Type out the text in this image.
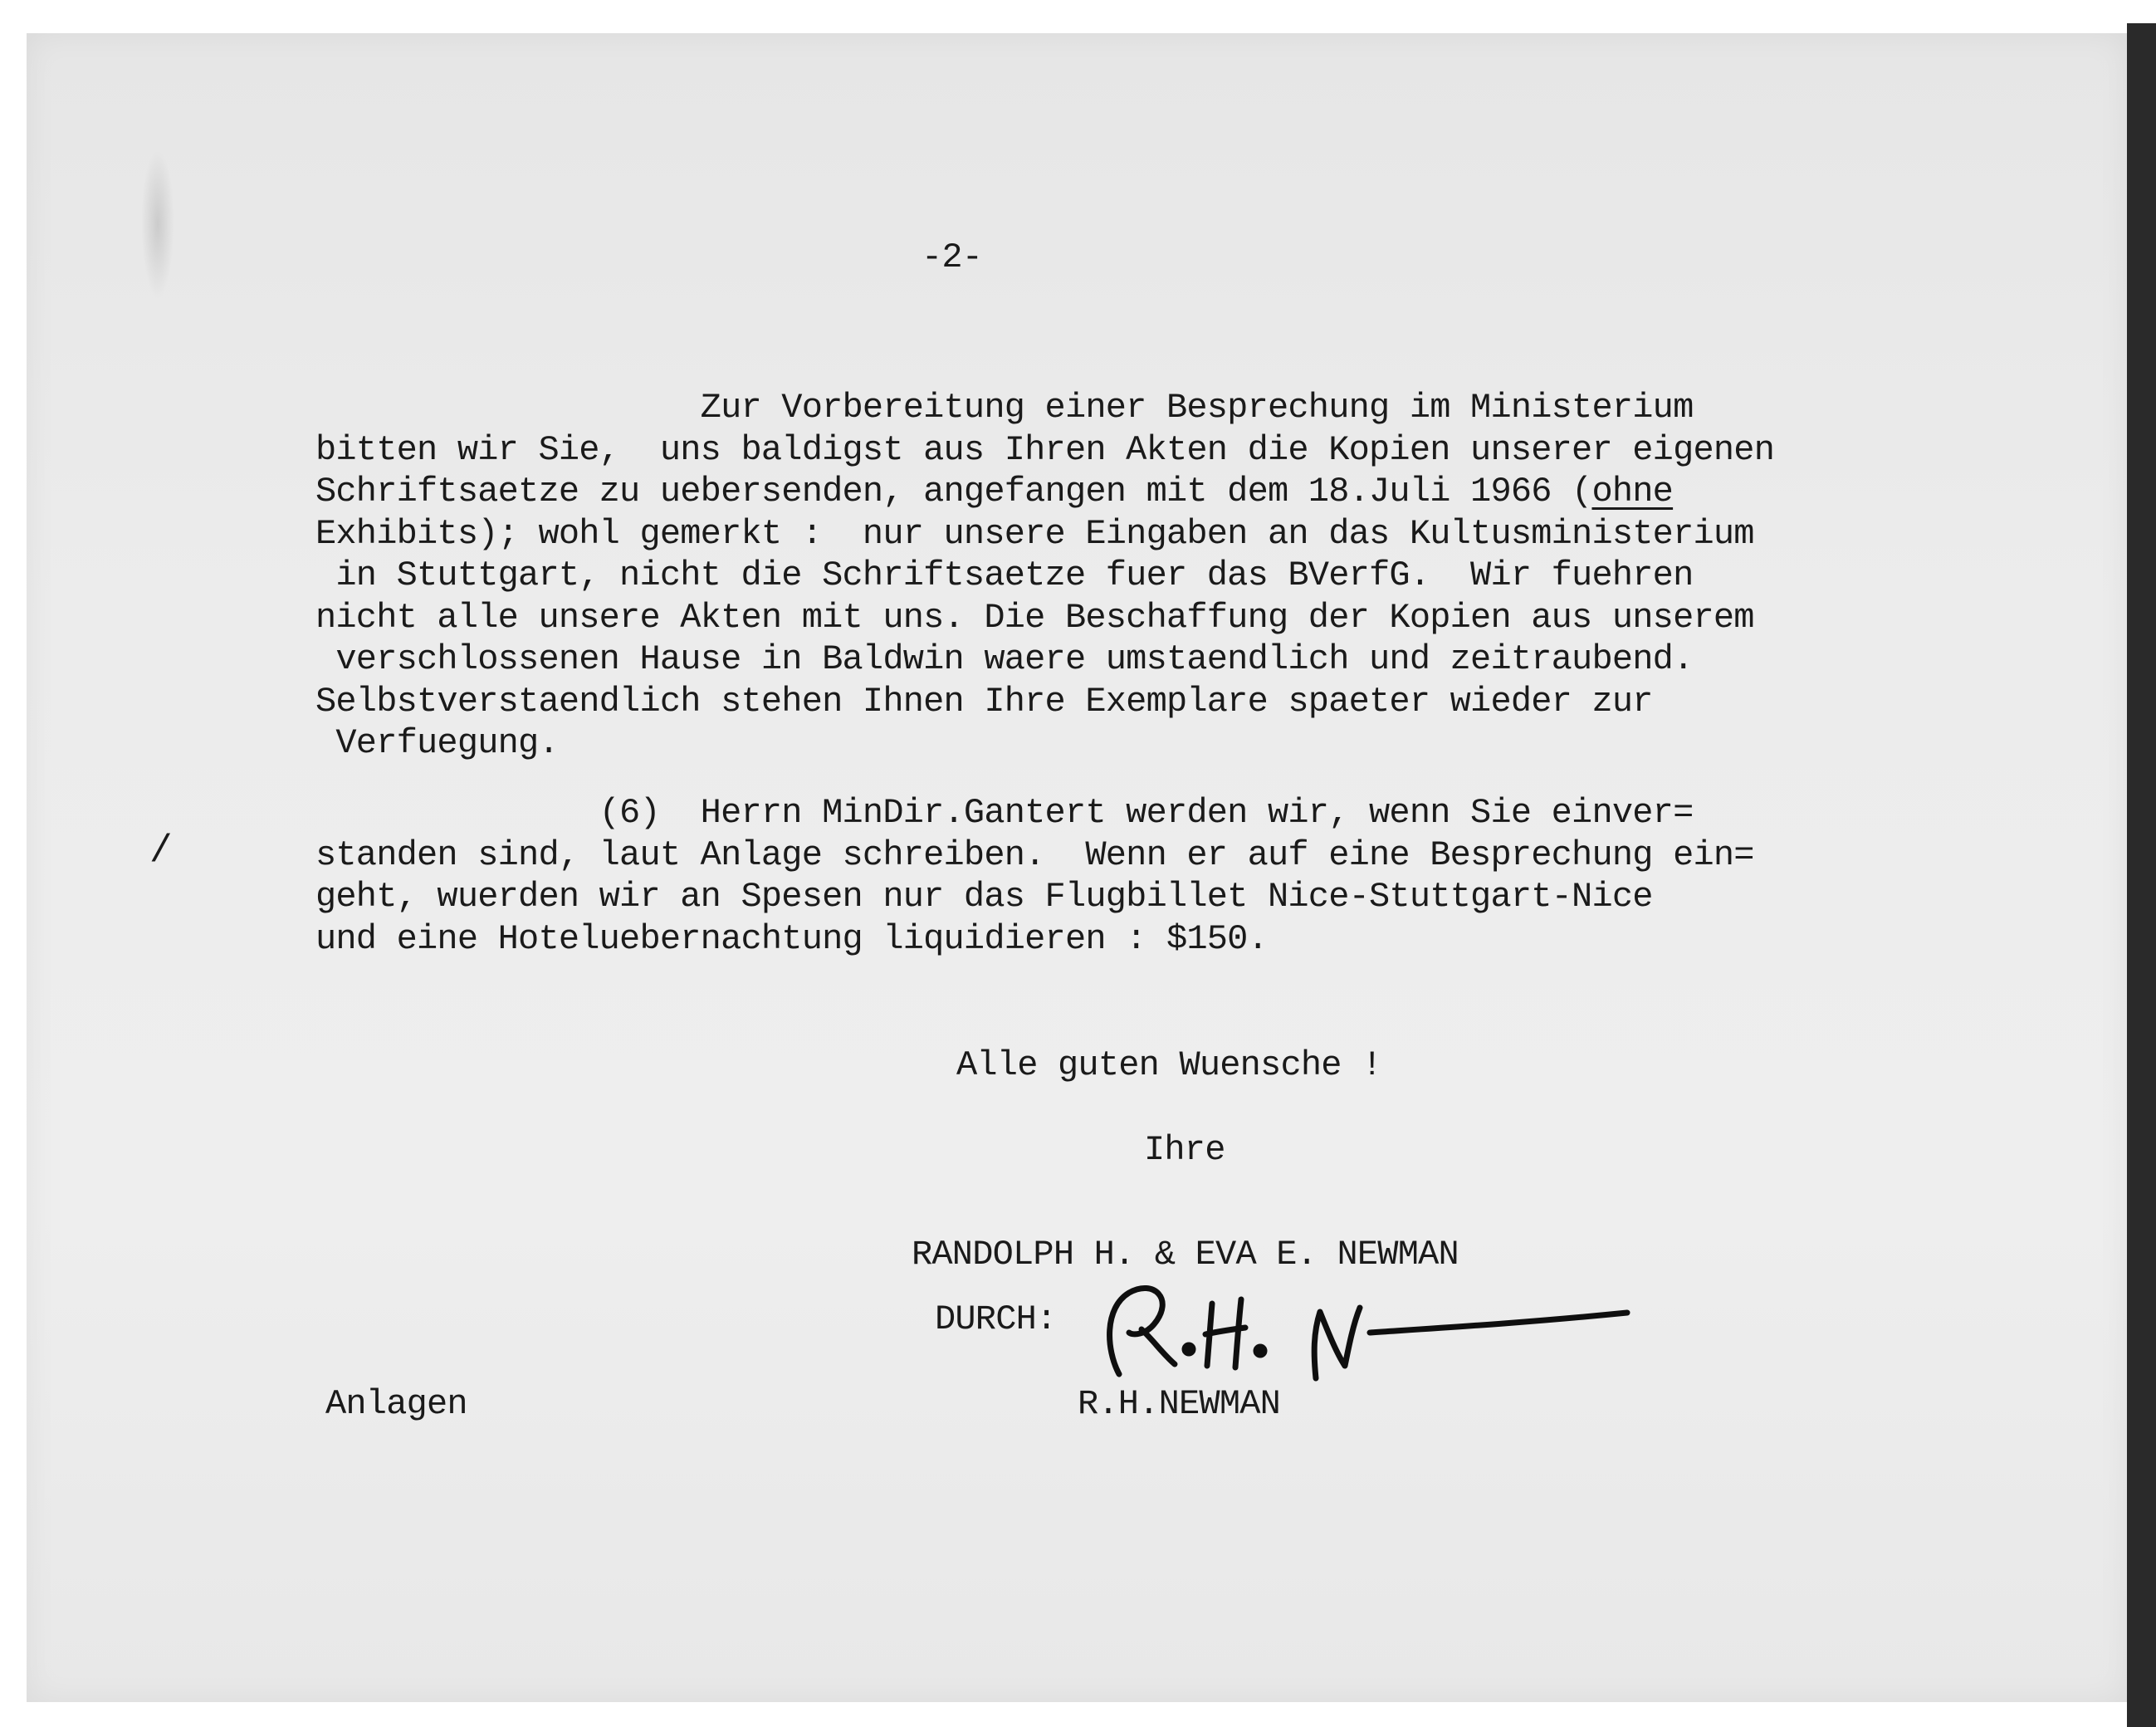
-2-
Zur Vorbereitung einer Besprechung im Ministerium
bitten wir Sie,  uns baldigst aus Ihren Akten die Kopien unserer eigenen
Schriftsaetze zu uebersenden, angefangen mit dem 18.Juli 1966 (ohne
Exhibits); wohl gemerkt :  nur unsere Eingaben an das Kultusministerium
in Stuttgart, nicht die Schriftsaetze fuer das BVerfG.  Wir fuehren
nicht alle unsere Akten mit uns. Die Beschaffung der Kopien aus unserem
verschlossenen Hause in Baldwin waere umstaendlich und zeitraubend.
Selbstverstaendlich stehen Ihnen Ihre Exemplare spaeter wieder zur
Verfuegung.
/
(6)  Herrn MinDir.Gantert werden wir, wenn Sie einver=
standen sind, laut Anlage schreiben.  Wenn er auf eine Besprechung ein=
geht, wuerden wir an Spesen nur das Flugbillet Nice-Stuttgart-Nice
und eine Hoteluebernachtung liquidieren : $150.
Alle guten Wuensche !
Ihre
RANDOLPH H. & EVA E. NEWMAN
DURCH:
Anlagen	R.H.NEWMAN
